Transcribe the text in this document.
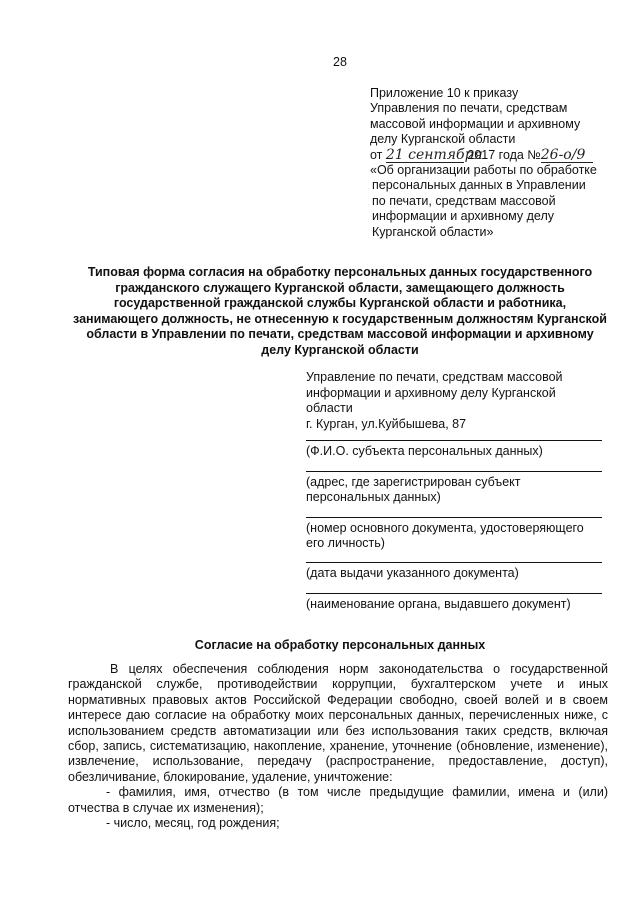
28
Приложение 10 к приказу
Управления по печати, средствам
массовой информации и архивному
делу Курганской области
от 21 сентября 2017 года №26-о/9
«Об организации работы по обработке
персональных данных в Управлении
по печати, средствам массовой
информации и архивному делу
Курганской области»
Типовая форма согласия на обработку персональных данных государственного гражданского служащего Курганской области, замещающего должность государственной гражданской службы Курганской области и работника, занимающего должность, не отнесенную к государственным должностям Курганской области в Управлении по печати, средствам массовой информации и архивному делу Курганской области
Управление по печати, средствам массовой
информации и архивному делу Курганской
области
г. Курган, ул.Куйбышева, 87
(Ф.И.О. субъекта персональных данных)
(адрес, где зарегистрирован субъект персональных данных)
(номер основного документа, удостоверяющего его личность)
(дата выдачи указанного документа)
(наименование органа, выдавшего документ)
Согласие на обработку персональных данных

В целях обеспечения соблюдения норм законодательства о государственной гражданской службе, противодействии коррупции, бухгалтерском учете и иных нормативных правовых актов Российской Федерации свободно, своей волей и в своем интересе даю согласие на обработку моих персональных данных, перечисленных ниже, с использованием средств автоматизации или без использования таких средств, включая сбор, запись, систематизацию, накопление, хранение, уточнение (обновление, изменение), извлечение, использование, передачу (распространение, предоставление, доступ), обезличивание, блокирование, удаление, уничтожение:

- фамилия, имя, отчество (в том числе предыдущие фамилии, имена и (или) отчества в случае их изменения);

- число, месяц, год рождения;
